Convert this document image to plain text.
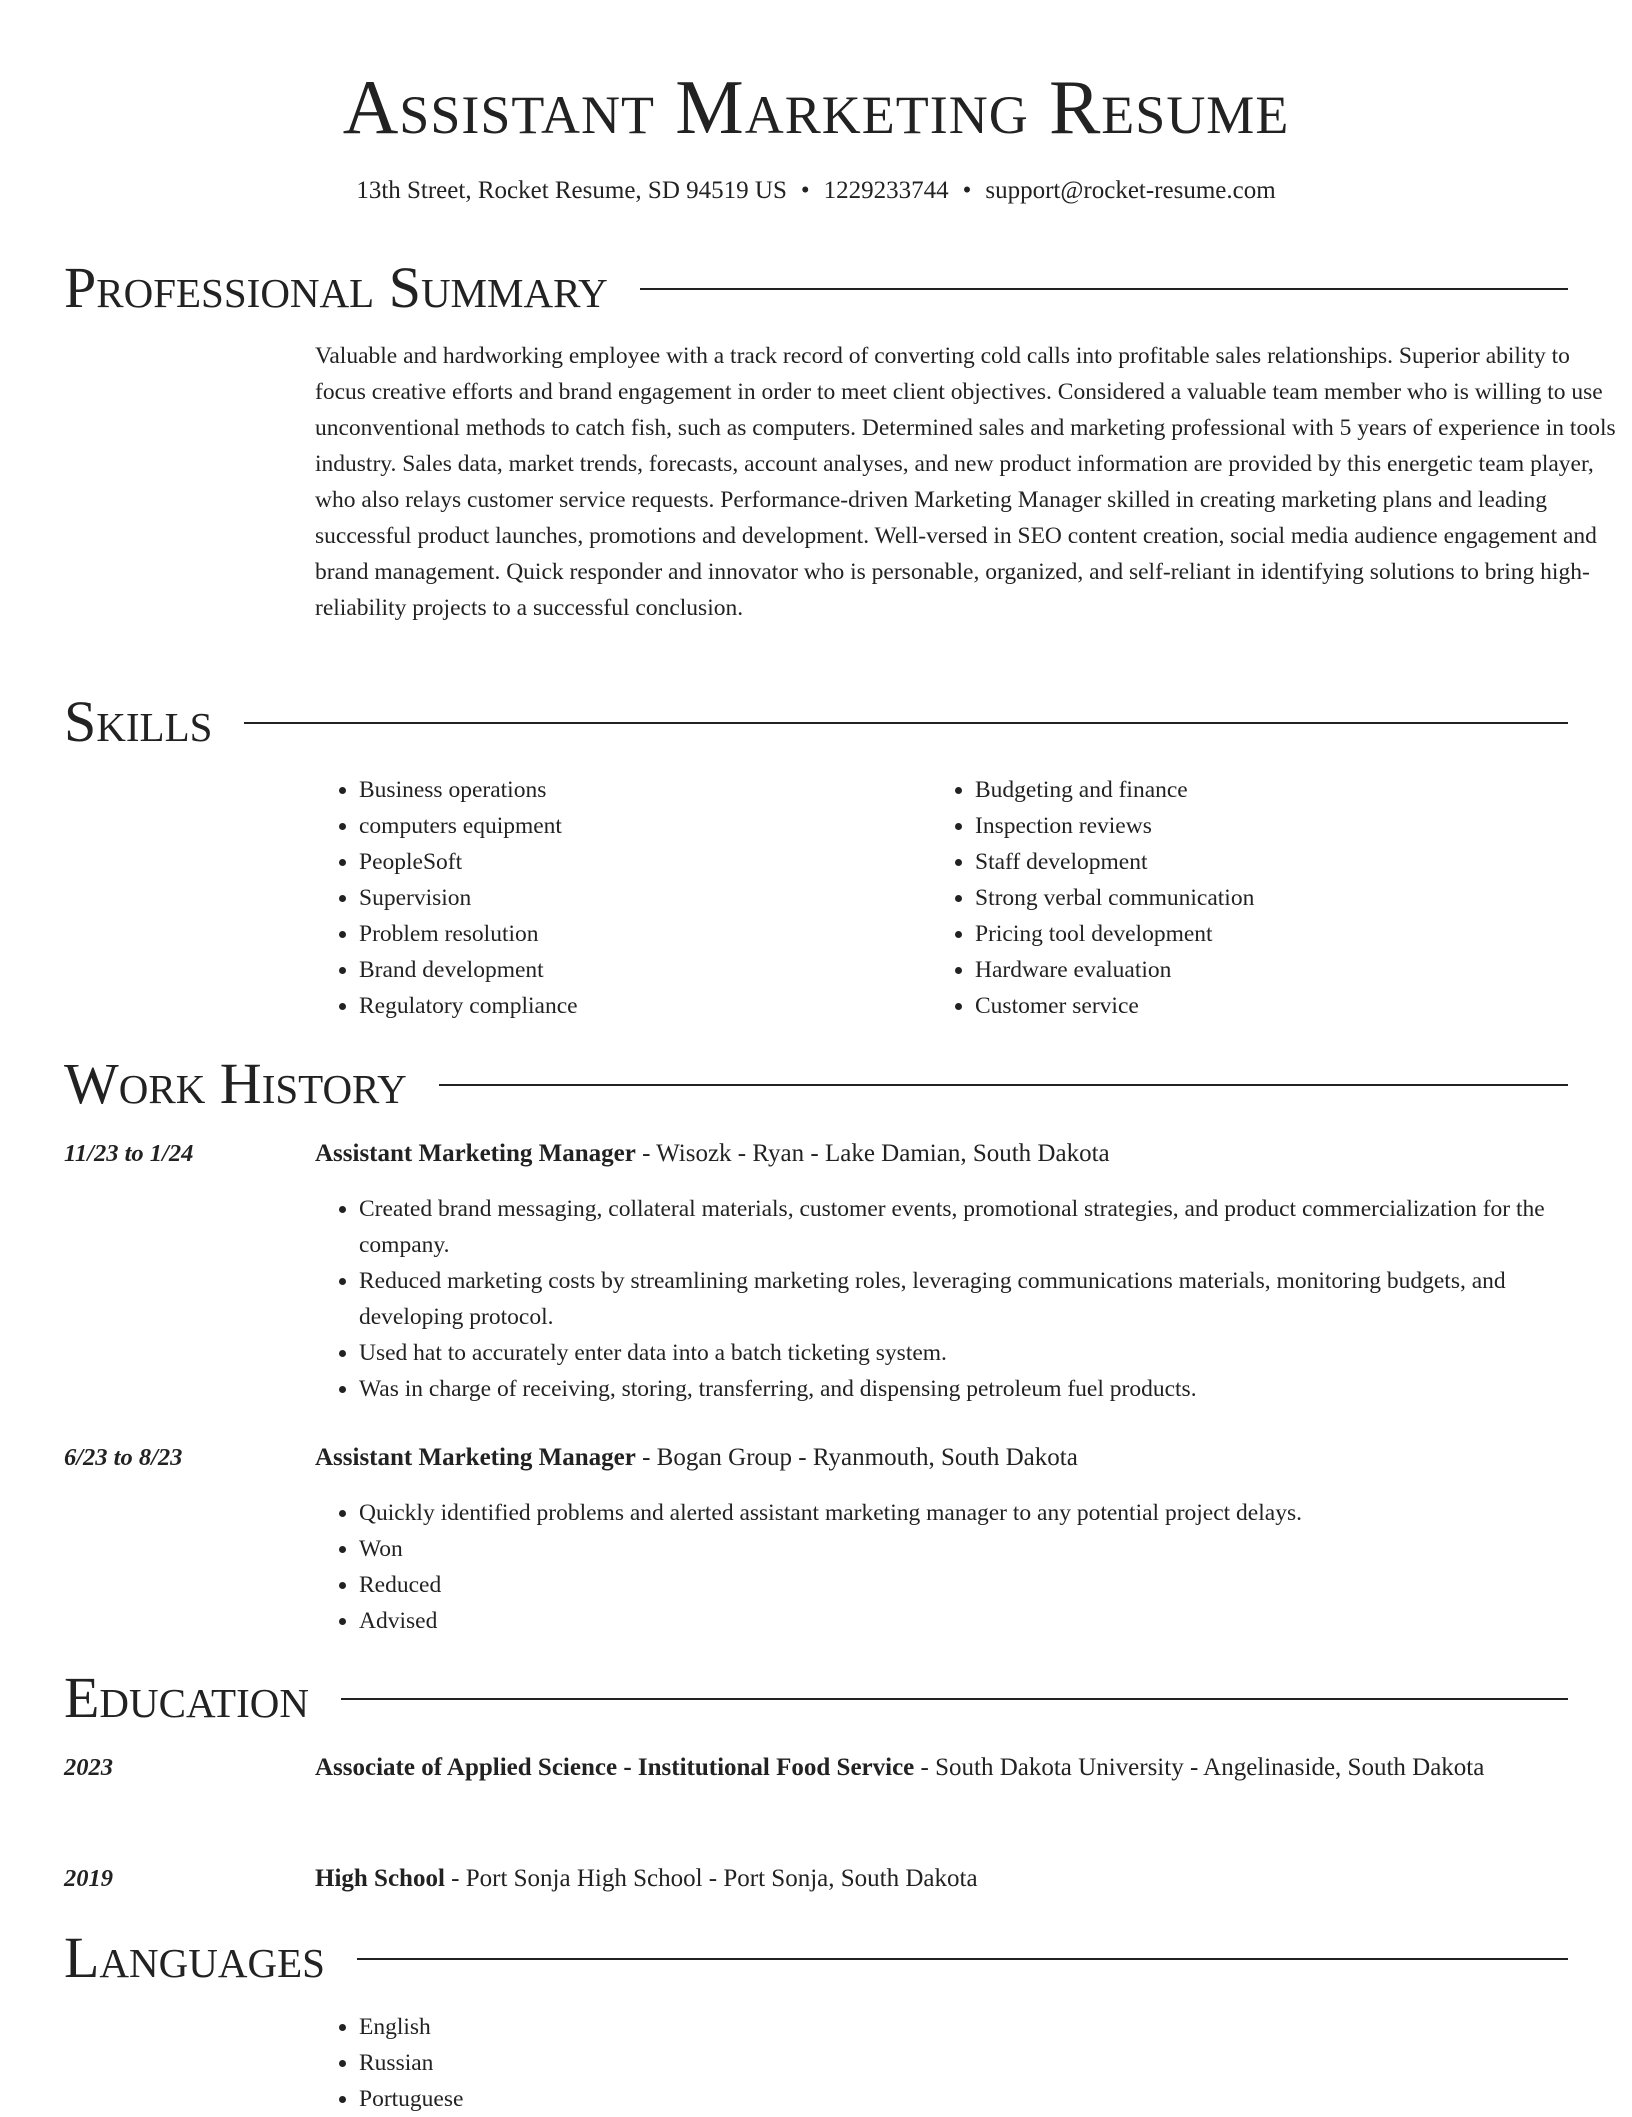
Assistant Marketing Resume
13th Street, Rocket Resume, SD 94519 US • 1229233744 • support@rocket-resume.com
Professional Summary

Valuable and hardworking employee with a track record of converting cold calls into profitable sales relationships. Superior ability to focus creative efforts and brand engagement in order to meet client objectives. Considered a valuable team member who is willing to use unconventional methods to catch fish, such as computers. Determined sales and marketing professional with 5 years of experience in tools industry. Sales data, market trends, forecasts, account analyses, and new product information are provided by this energetic team player, who also relays customer service requests. Performance-driven Marketing Manager skilled in creating marketing plans and leading successful product launches, promotions and development. Well-versed in SEO content creation, social media audience engagement and brand management. Quick responder and innovator who is personable, organized, and self-reliant in identifying solutions to bring high-reliability projects to a successful conclusion.

Skills
• Business operations
• computers equipment
• PeopleSoft
• Supervision
• Problem resolution
• Brand development
• Regulatory compliance
• Budgeting and finance
• Inspection reviews
• Staff development
• Strong verbal communication
• Pricing tool development
• Hardware evaluation
• Customer service
Work History
11/23 to 1/24	Assistant Marketing Manager - Wisozk - Ryan - Lake Damian, South Dakota
• Created brand messaging, collateral materials, customer events, promotional strategies, and product commercialization for the company.
• Reduced marketing costs by streamlining marketing roles, leveraging communications materials, monitoring budgets, and developing protocol.
• Used hat to accurately enter data into a batch ticketing system.
• Was in charge of receiving, storing, transferring, and dispensing petroleum fuel products.
6/23 to 8/23	Assistant Marketing Manager - Bogan Group - Ryanmouth, South Dakota
• Quickly identified problems and alerted assistant marketing manager to any potential project delays.
• Won
• Reduced
• Advised
Education
2023	Associate of Applied Science - Institutional Food Service - South Dakota University - Angelinaside, South Dakota
2019	High School - Port Sonja High School - Port Sonja, South Dakota
Languages
• English
• Russian
• Portuguese
